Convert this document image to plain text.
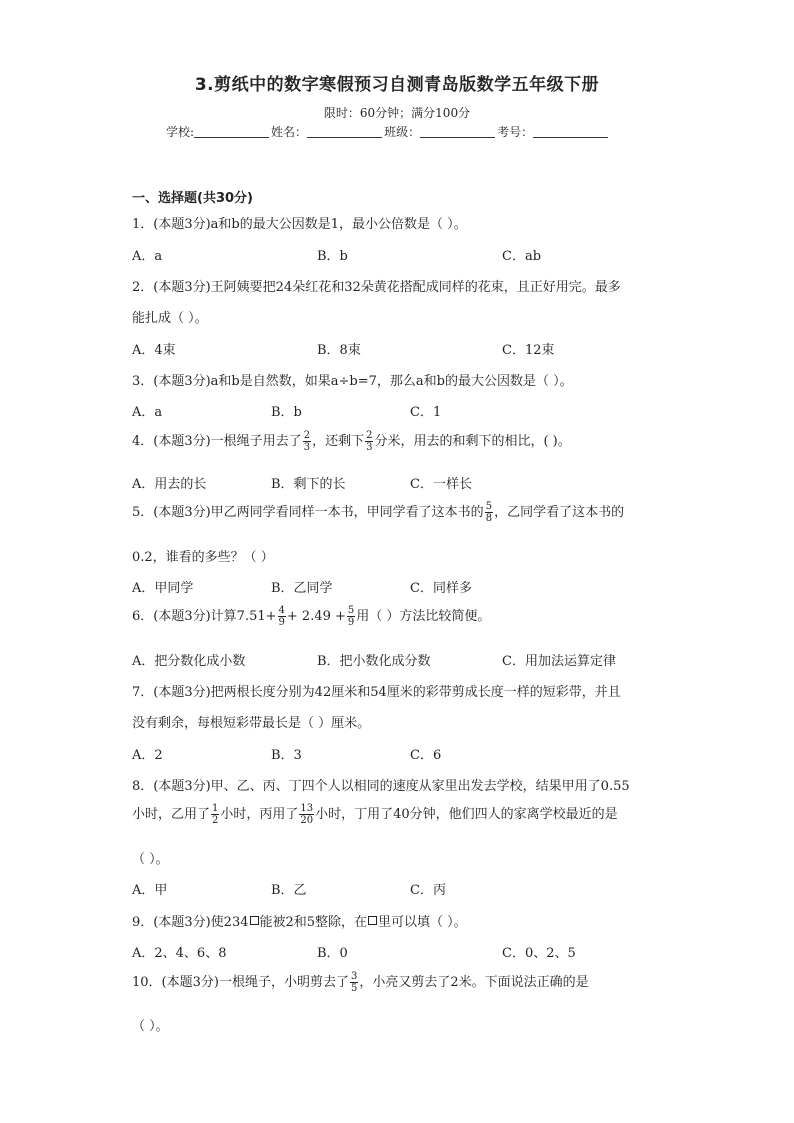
3.剪纸中的数字寒假预习自测青岛版数学五年级下册
限时：60分钟；满分100分
学校:	姓名：	班级：	考号：
一、选择题(共30分)
1．(本题3分)a和b的最大公因数是1，最小公倍数是（ ）。
A．a	B．b	C．ab
2．(本题3分)王阿姨要把24朵红花和32朵黄花搭配成同样的花束，且正好用完。最多
能扎成（ ）。
A．4束	B．8束	C．12束
3．(本题3分)a和b是自然数，如果a÷b=7，那么a和b的最大公因数是（ ）。
A．a	B．b	C．1
4．(本题3分)一根绳子用去了 $\frac{2}{3}$ ，还剩下 $\frac{2}{3}$ 分米，用去的和剩下的相比，( )。
A．用去的长	B．剩下的长	C．一样长
5．(本题3分)甲乙两同学看同样一本书，甲同学看了这本书的 $\frac{5}{8}$ ，乙同学看了这本书的
0.2，谁看的多些？（ ）
A．甲同学	B．乙同学	C．同样多
6．(本题3分)计算$7.51+ \frac{4}{9} + 2.49 + \frac{5}{9}$ 用（ ）方法比较简便。
A．把分数化成小数	B．把小数化成分数	C．用加法运算定律
7．(本题3分)把两根长度分别为42厘米和54厘米的彩带剪成长度一样的短彩带，并且
没有剩余，每根短彩带最长是（ ）厘米。
A．2	B．3	C．6
8．(本题3分)甲、乙、丙、丁四个人以相同的速度从家里出发去学校，结果甲用了0.55
小时，乙用了 $\frac{1}{2}$ 小时，丙用了 $\frac{13}{20}$ 小时，丁用了40分钟，他们四人的家离学校最近的是
（ ）。
A．甲	B．乙	C．丙
9．(本题3分)使234 能被2和5整除，在 里可以填（ ）。
A．2、4、6、8	B．0	C．0、2、5
10．(本题3分)一根绳子，小明剪去了 $\frac{3}{5}$ ，小亮又剪去了2米。下面说法正确的是
（ ）。
